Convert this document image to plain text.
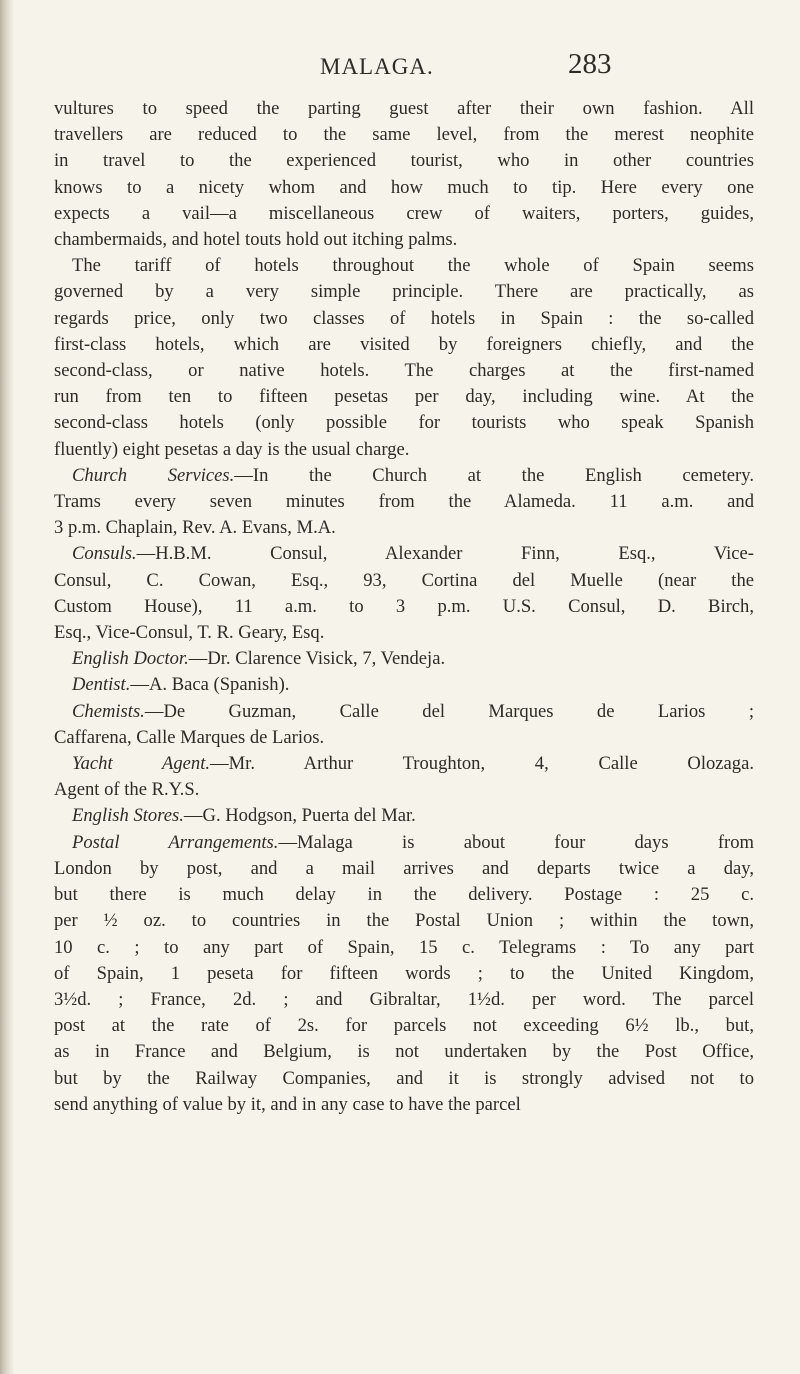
MALAGA.	283
vultures to speed the parting guest after their own fashion. All
travellers are reduced to the same level, from the merest neophite
in travel to the experienced tourist, who in other countries
knows to a nicety whom and how much to tip. Here every one
expects a vail—a miscellaneous crew of waiters, porters, guides,
chambermaids, and hotel touts hold out itching palms.
The tariff of hotels throughout the whole of Spain seems
governed by a very simple principle. There are practically, as
regards price, only two classes of hotels in Spain : the so-called
first-class hotels, which are visited by foreigners chiefly, and the
second-class, or native hotels. The charges at the first-named
run from ten to fifteen pesetas per day, including wine. At the
second-class hotels (only possible for tourists who speak Spanish
fluently) eight pesetas a day is the usual charge.
Church Services.—In the Church at the English cemetery.
Trams every seven minutes from the Alameda. 11 a.m. and
3 p.m. Chaplain, Rev. A. Evans, M.A.
Consuls.—H.B.M. Consul, Alexander Finn, Esq., Vice-
Consul, C. Cowan, Esq., 93, Cortina del Muelle (near the
Custom House), 11 a.m. to 3 p.m. U.S. Consul, D. Birch,
Esq., Vice-Consul, T. R. Geary, Esq.
English Doctor.—Dr. Clarence Visick, 7, Vendeja.
Dentist.—A. Baca (Spanish).
Chemists.—De Guzman, Calle del Marques de Larios ;
Caffarena, Calle Marques de Larios.
Yacht Agent.—Mr. Arthur Troughton, 4, Calle Olozaga.
Agent of the R.Y.S.
English Stores.—G. Hodgson, Puerta del Mar.
Postal Arrangements.—Malaga is about four days from
London by post, and a mail arrives and departs twice a day,
but there is much delay in the delivery. Postage : 25 c.
per ½ oz. to countries in the Postal Union ; within the town,
10 c. ; to any part of Spain, 15 c. Telegrams : To any part
of Spain, 1 peseta for fifteen words ; to the United Kingdom,
3½d. ; France, 2d. ; and Gibraltar, 1½d. per word. The parcel
post at the rate of 2s. for parcels not exceeding 6½ lb., but,
as in France and Belgium, is not undertaken by the Post Office,
but by the Railway Companies, and it is strongly advised not to
send anything of value by it, and in any case to have the parcel
